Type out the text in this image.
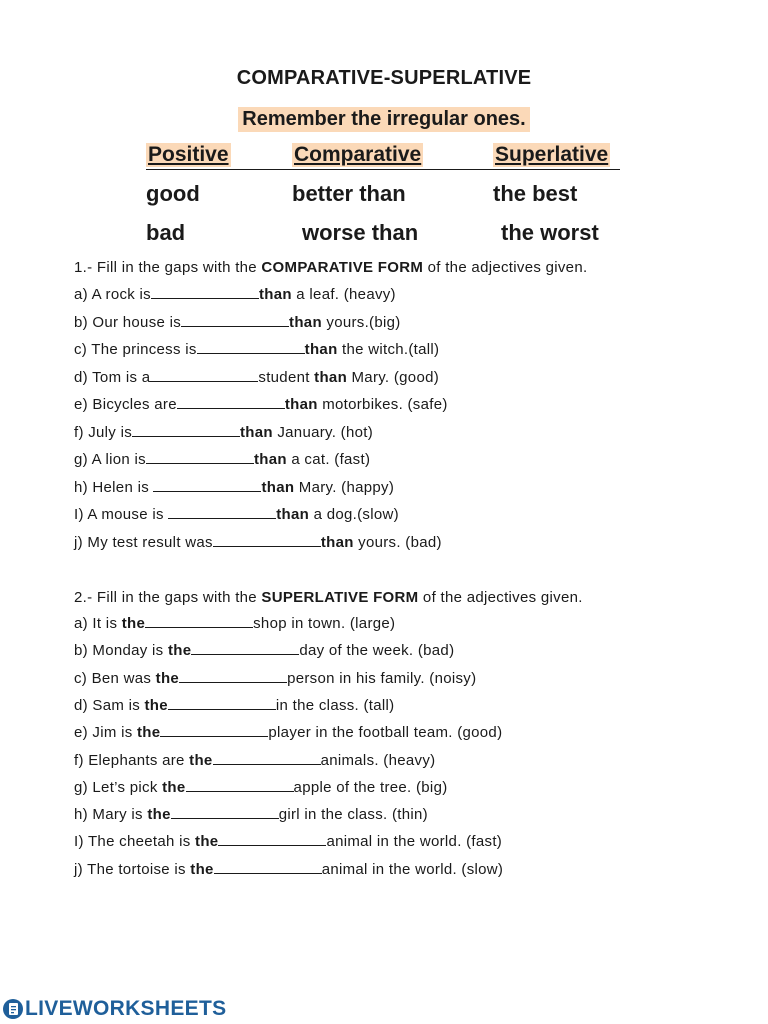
COMPARATIVE-SUPERLATIVE
Remember the irregular ones.
Positive	Comparative	Superlative
good	better than	the best
bad	worse than	the worst
1.- Fill in the gaps with the COMPARATIVE FORM of the adjectives given.
a) A rock is	than a leaf. (heavy)
b) Our house is	than yours.(big)
c) The princess is	than the witch.(tall)
d) Tom is a	student than Mary. (good)
e) Bicycles are	than motorbikes. (safe)
f) July is	than January. (hot)
g) A lion is	than a cat. (fast)
h) Helen is	than Mary. (happy)
I) A mouse is	than a dog.(slow)
j) My test result was	than yours. (bad)
2.- Fill in the gaps with the SUPERLATIVE FORM of the adjectives given.
a) It is the	shop in town. (large)
b) Monday is the	day of the week. (bad)
c) Ben was the	person in his family. (noisy)
d) Sam is the	in the class. (tall)
e) Jim is the	player in the football team. (good)
f) Elephants are the	animals. (heavy)
g) Let’s pick the	apple of the tree. (big)
h) Mary is the	girl in the class. (thin)
I) The cheetah is the	animal in the world. (fast)
j) The tortoise is the	animal in the world. (slow)
LIVEWORKSHEETS
